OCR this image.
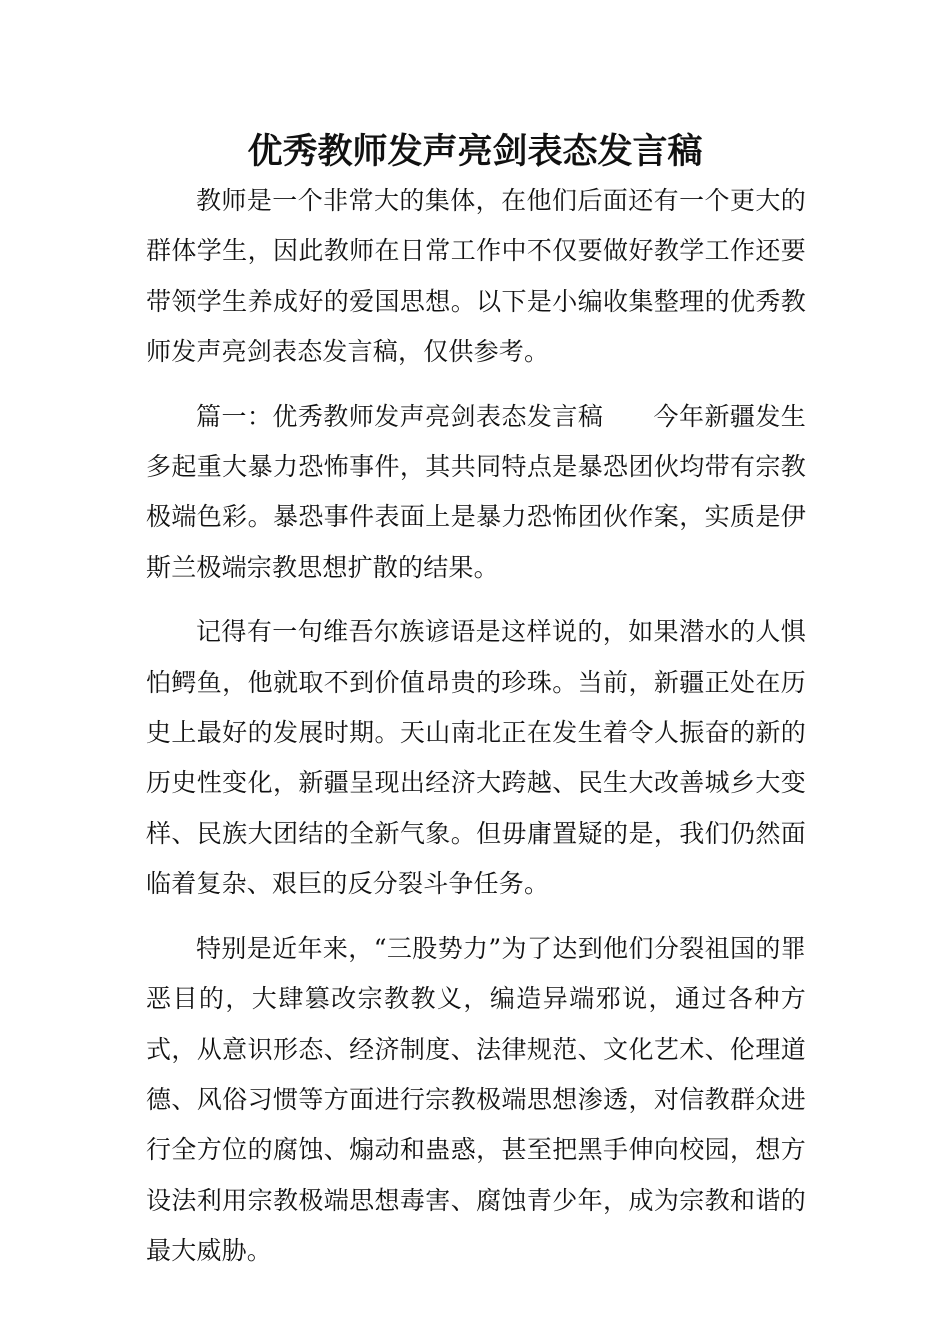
优秀教师发声亮剑表态发言稿

教师是一个非常大的集体，在他们后面还有一个更大的群体学生，因此教师在日常工作中不仅要做好教学工作还要带领学生养成好的爱国思想。以下是小编收集整理的优秀教师发声亮剑表态发言稿，仅供参考。

篇一：优秀教师发声亮剑表态发言稿 今年新疆发生多起重大暴力恐怖事件，其共同特点是暴恐团伙均带有宗教极端色彩。暴恐事件表面上是暴力恐怖团伙作案，实质是伊斯兰极端宗教思想扩散的结果。

记得有一句维吾尔族谚语是这样说的，如果潜水的人惧怕鳄鱼，他就取不到价值昂贵的珍珠。当前，新疆正处在历史上最好的发展时期。天山南北正在发生着令人振奋的新的历史性变化，新疆呈现出经济大跨越、民生大改善城乡大变样、民族大团结的全新气象。但毋庸置疑的是，我们仍然面临着复杂、艰巨的反分裂斗争任务。

特别是近年来，“三股势力”为了达到他们分裂祖国的罪恶目的，大肆篡改宗教教义，编造异端邪说，通过各种方式，从意识形态、经济制度、法律规范、文化艺术、伦理道德、风俗习惯等方面进行宗教极端思想渗透，对信教群众进行全方位的腐蚀、煽动和蛊惑，甚至把黑手伸向校园，想方设法利用宗教极端思想毒害、腐蚀青少年，成为宗教和谐的最大威胁。
